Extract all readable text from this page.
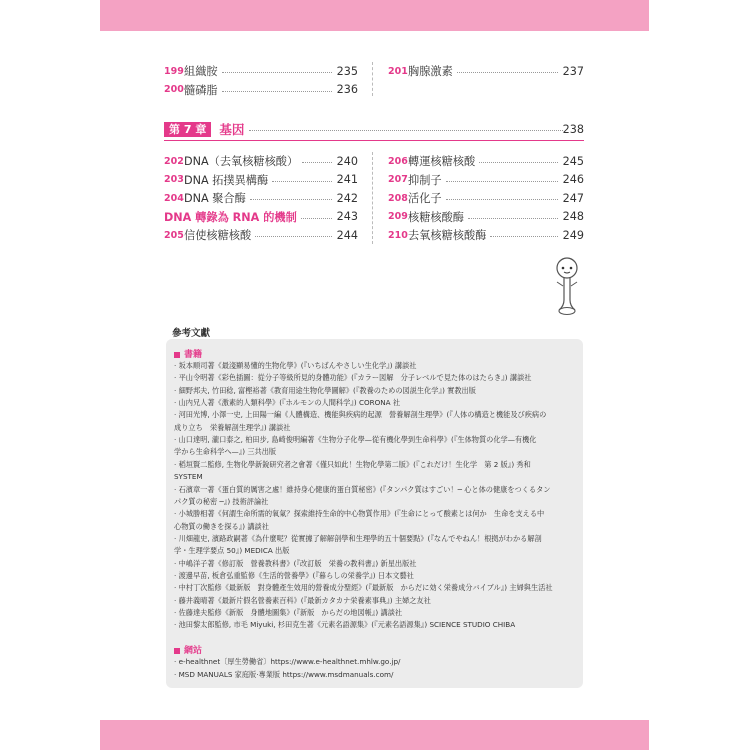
199 組織胺	235
200 髓磷脂	236
201 胸腺激素	237
202 DNA（去氧核糖核酸）	240
203 DNA 拓撲異構酶	241
204 DNA 聚合酶	242
DNA 轉錄為 RNA 的機制	243
205 信使核糖核酸	244
206 轉運核糖核酸	245
207 抑制子	246
208 活化子	247
209 核糖核酸酶	248
210 去氧核糖核酸酶	249
第 7 章	基因	238
參考文獻
書籍
‧ 坂本順司著《最淺顯易懂的生物化學》(『いちばんやさしい生化学』) 講談社
‧ 平山令明著《彩色插圖：從分子等級所見的身體功能》(『カラー図解　分子レベルで見た体のはたらき』) 講談社
‧ 細野邦夫, 竹田稔, 富樫裕著《教育用途生物化學圖解》(『教養のための図説生化学』) 實教出版
‧ 山内兄人著《激素的人類科學》(『ホルモンの人間科学』) CORONA 社
‧ 河田光博, 小澤一史, 上田陽一編《人體構造、機能與疾病的起源　營養解剖生理學》(『人体の構造と機能及び疾病の
成り立ち　栄養解剖生理学』) 講談社
‧ 山口達明, 瀧口泰之, 柏田步, 島崎俊明編著《生物分子化學—從有機化學到生命科學》(『生体物質の化学—有機化
学から生命科学へ—』) 三共出版
‧ 稻垣賢二監修, 生物化學新銳研究者之會著《僅只如此！生物化學第二版》(『これだけ！生化学　第 2 版』) 秀和
SYSTEM
‧ 石濱章一著《蛋白質的厲害之處！維持身心健康的蛋白質秘密》(『タンパク質はすごい！─ 心と体の健康をつくるタン
パク質の秘密 ─』) 技術評論社
‧ 小城勝相著《何謂生命所需的氧氣？探索維持生命的中心物質作用》(『生命にとって酸素とは何か　生命を支える中
心物質の働きを探る』) 講談社
‧ 川畑龍史, 濱路政嗣著《為什麼呢？從實據了解解剖學和生理學的五十個要點》(『なんでやねん！根拠がわかる解剖
学・生理学要点 50』) MEDICA 出版
‧ 中嶋洋子著《修訂版　營養教科書》(『改訂版　栄養の教科書』) 新星出版社
‧ 渡邊早苗, 板倉弘重監修《生活的營養學》(『暮らしの栄養学』) 日本文藝社
‧ 中村丁次監修《最新版　對身體產生效用的營養成分聖經》(『最新版　からだに効く栄養成分バイブル』) 主婦與生活社
‧ 藤井義晴著《最新片假名營養素百科》(『最新カタカナ栄養素事典』) 主婦之友社
‧ 佐藤達夫監修《新版　身體地圖集》(『新版　からだの地図帳』) 講談社
‧ 池田黎太郎監修, 市毛 Miyuki, 杉田克生著《元素名語源集》(『元素名語源集』) SCIENCE STUDIO CHIBA
網站
‧ e-healthnet〔厚生勞働省〕https://www.e-healthnet.mhlw.go.jp/
‧ MSD MANUALS 家庭版‧專業版 https://www.msdmanuals.com/
